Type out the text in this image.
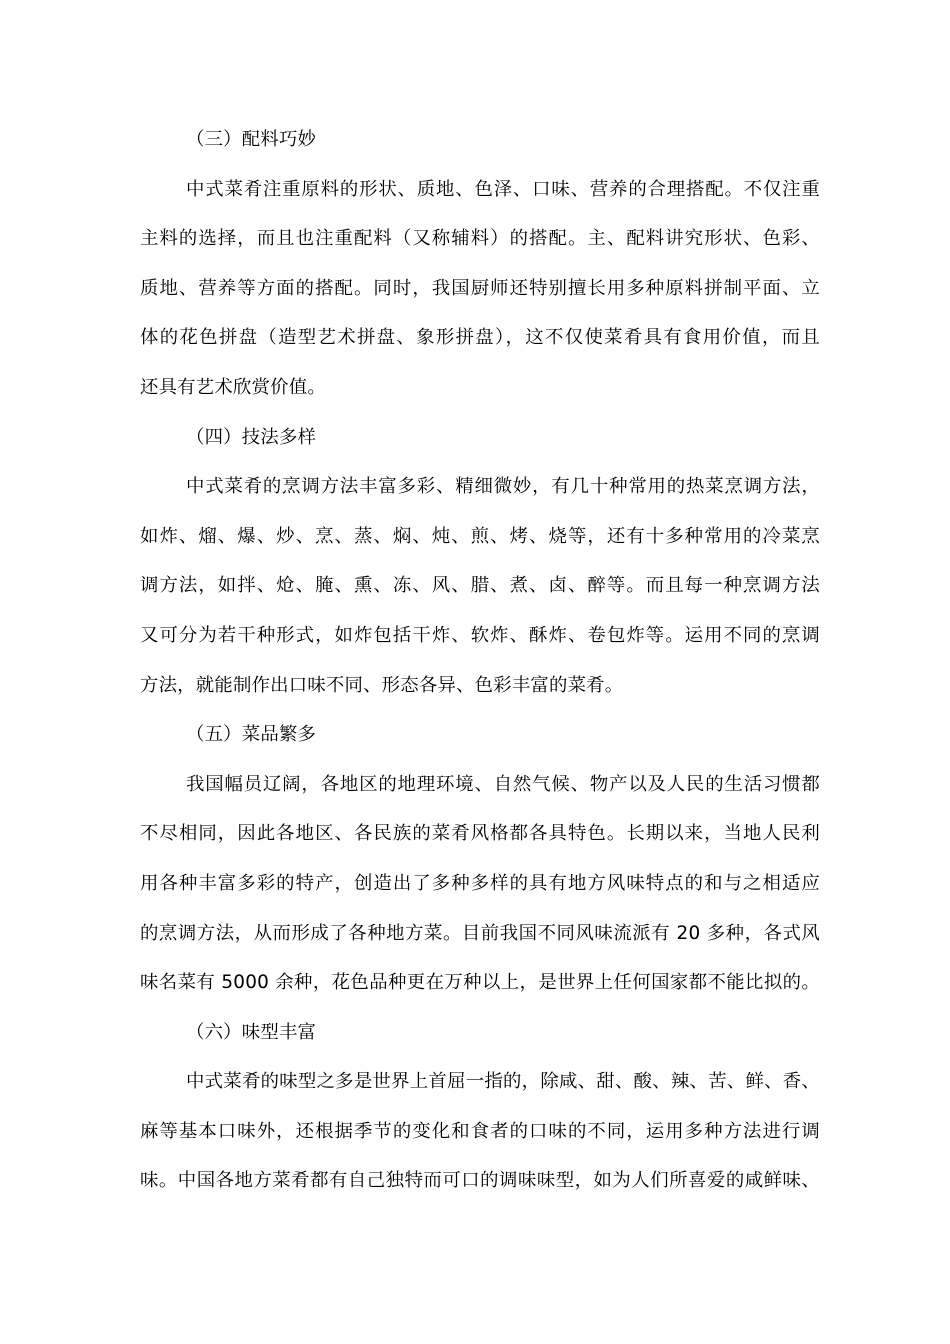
（三）配料巧妙
中式菜肴注重原料的形状、质地、色泽、口味、营养的合理搭配。不仅注重
主料的选择，而且也注重配料（又称辅料）的搭配。主、配料讲究形状、色彩、
质地、营养等方面的搭配。同时，我国厨师还特别擅长用多种原料拼制平面、立
体的花色拼盘（造型艺术拼盘、象形拼盘），这不仅使菜肴具有食用价值，而且
还具有艺术欣赏价值。
（四）技法多样
中式菜肴的烹调方法丰富多彩、精细微妙，有几十种常用的热菜烹调方法，
如炸、熘、爆、炒、烹、蒸、焖、炖、煎、烤、烧等，还有十多种常用的冷菜烹
调方法，如拌、炝、腌、熏、冻、风、腊、煮、卤、醉等。而且每一种烹调方法
又可分为若干种形式，如炸包括干炸、软炸、酥炸、卷包炸等。运用不同的烹调
方法，就能制作出口味不同、形态各异、色彩丰富的菜肴。
（五）菜品繁多
我国幅员辽阔，各地区的地理环境、自然气候、物产以及人民的生活习惯都
不尽相同，因此各地区、各民族的菜肴风格都各具特色。长期以来，当地人民利
用各种丰富多彩的特产，创造出了多种多样的具有地方风味特点的和与之相适应
的烹调方法，从而形成了各种地方菜。目前我国不同风味流派有 20 多种，各式风
味名菜有 5000 余种，花色品种更在万种以上，是世界上任何国家都不能比拟的。
（六）味型丰富
中式菜肴的味型之多是世界上首屈一指的，除咸、甜、酸、辣、苦、鲜、香、
麻等基本口味外，还根据季节的变化和食者的口味的不同，运用多种方法进行调
味。中国各地方菜肴都有自己独特而可口的调味味型，如为人们所喜爱的咸鲜味、
